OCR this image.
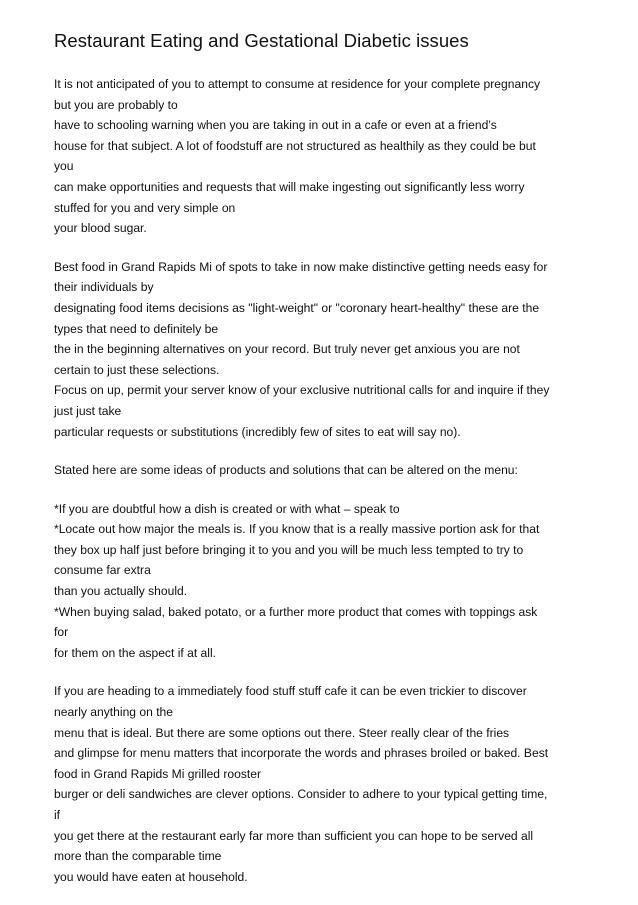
Restaurant Eating and Gestational Diabetic issues
It is not anticipated of you to attempt to consume at residence for your complete pregnancy
but you are probably to
have to schooling warning when you are taking in out in a cafe or even at a friend’s
house for that subject. A lot of foodstuff are not structured as healthily as they could be but
you
can make opportunities and requests that will make ingesting out significantly less worry
stuffed for you and very simple on
your blood sugar.
Best food in Grand Rapids Mi of spots to take in now make distinctive getting needs easy for
their individuals by
designating food items decisions as "light-weight" or "coronary heart-healthy" these are the
types that need to definitely be
the in the beginning alternatives on your record. But truly never get anxious you are not
certain to just these selections.
Focus on up, permit your server know of your exclusive nutritional calls for and inquire if they
just just take
particular requests or substitutions (incredibly few of sites to eat will say no).
Stated here are some ideas of products and solutions that can be altered on the menu:
*If you are doubtful how a dish is created or with what – speak to
*Locate out how major the meals is. If you know that is a really massive portion ask for that
they box up half just before bringing it to you and you will be much less tempted to try to
consume far extra
than you actually should.
*When buying salad, baked potato, or a further more product that comes with toppings ask
for
for them on the aspect if at all.
If you are heading to a immediately food stuff stuff cafe it can be even trickier to discover
nearly anything on the
menu that is ideal. But there are some options out there. Steer really clear of the fries
and glimpse for menu matters that incorporate the words and phrases broiled or baked. Best
food in Grand Rapids Mi grilled rooster
burger or deli sandwiches are clever options. Consider to adhere to your typical getting time,
if
you get there at the restaurant early far more than sufficient you can hope to be served all
more than the comparable time
you would have eaten at household.
